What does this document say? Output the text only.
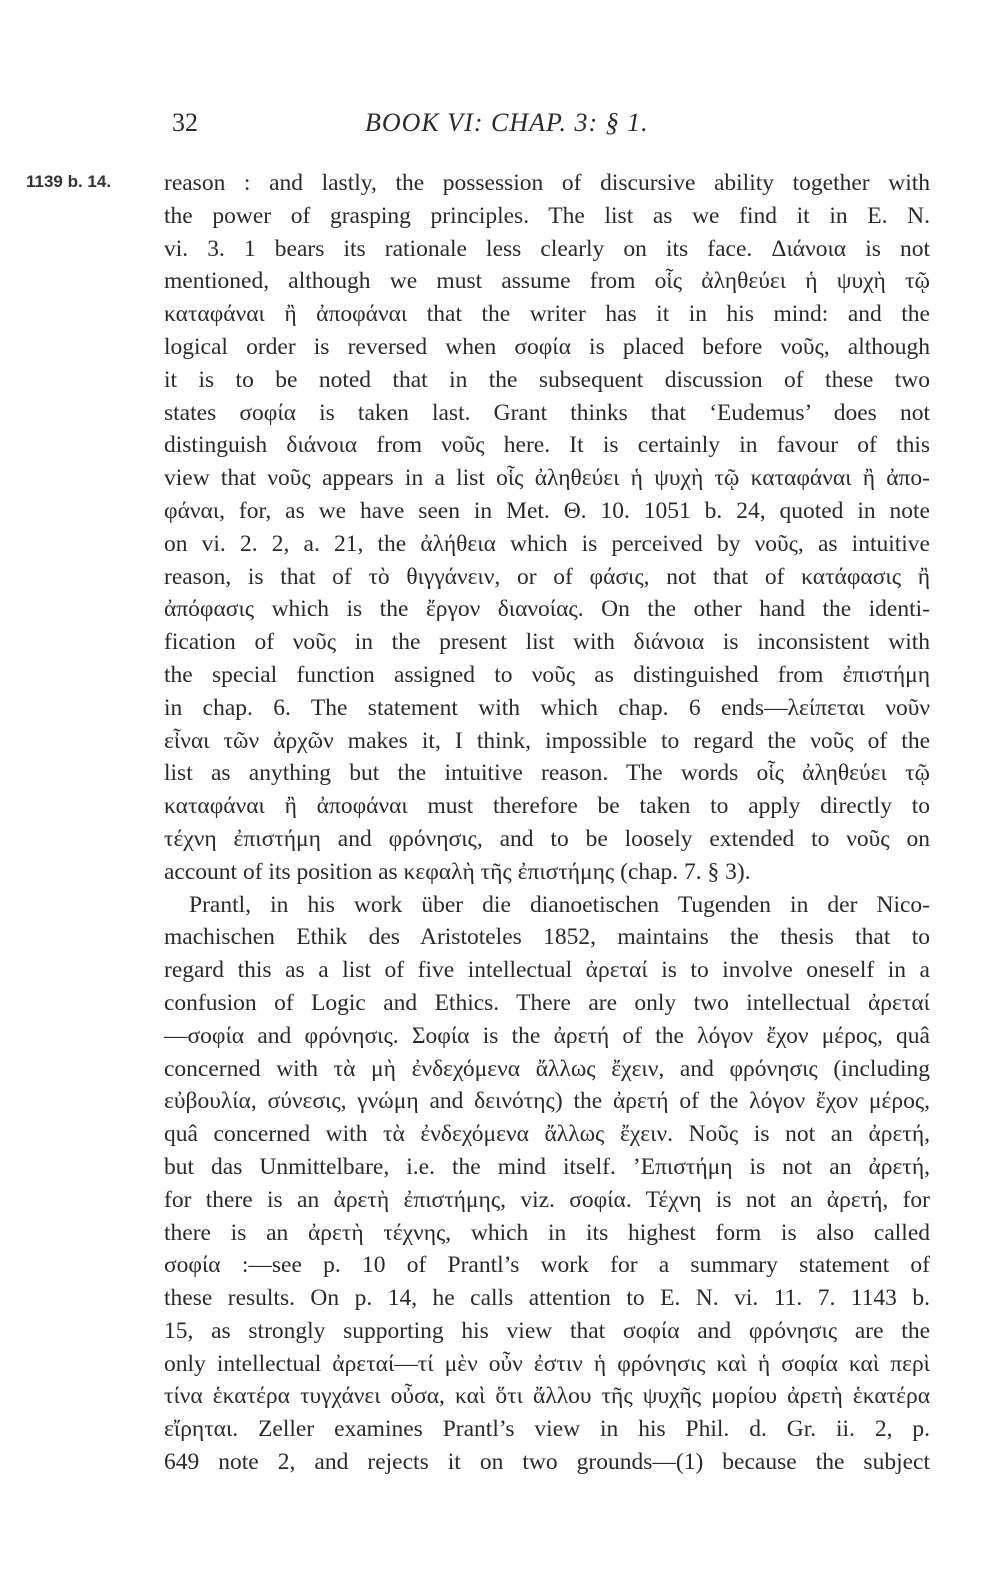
32	BOOK VI: CHAP. 3: § 1.
1139 b. 14. reason : and lastly, the possession of discursive ability together with
the power of grasping principles. The list as we find it in E. N.
vi. 3. 1 bears its rationale less clearly on its face. Διάνοια is not
mentioned, although we must assume from οἷς ἀληθεύει ἡ ψυχὴ τῷ
καταφάναι ἢ ἀποφάναι that the writer has it in his mind: and the
logical order is reversed when σοφία is placed before νοῦς, although
it is to be noted that in the subsequent discussion of these two
states σοφία is taken last. Grant thinks that ‘Eudemus’ does not
distinguish διάνοια from νοῦς here. It is certainly in favour of this
view that νοῦς appears in a list οἷς ἀληθεύει ἡ ψυχὴ τῷ καταφάναι ἢ ἀπο-
φάναι, for, as we have seen in Met. Θ. 10. 1051 b. 24, quoted in note
on vi. 2. 2, a. 21, the ἀλήθεια which is perceived by νοῦς, as intuitive
reason, is that of τὸ θιγγάνειν, or of φάσις, not that of κατάφασις ἢ
ἀπόφασις which is the ἔργον διανοίας. On the other hand the identi-
fication of νοῦς in the present list with διάνοια is inconsistent with
the special function assigned to νοῦς as distinguished from ἐπιστήμη
in chap. 6. The statement with which chap. 6 ends—λείπεται νοῦν
εἶναι τῶν ἀρχῶν makes it, I think, impossible to regard the νοῦς of the
list as anything but the intuitive reason. The words οἷς ἀληθεύει τῷ
καταφάναι ἢ ἀποφάναι must therefore be taken to apply directly to
τέχνη ἐπιστήμη and φρόνησις, and to be loosely extended to νοῦς on
account of its position as κεφαλὴ τῆς ἐπιστήμης (chap. 7. § 3).
Prantl, in his work über die dianoetischen Tugenden in der Nico-
machischen Ethik des Aristoteles 1852, maintains the thesis that to
regard this as a list of five intellectual ἀρεταί is to involve oneself in a
confusion of Logic and Ethics. There are only two intellectual ἀρεταί
—σοφία and φρόνησις. Σοφία is the ἀρετή of the λόγον ἔχον μέρος, quâ
concerned with τὰ μὴ ἐνδεχόμενα ἄλλως ἔχειν, and φρόνησις (including
εὐβουλία, σύνεσις, γνώμη and δεινότης) the ἀρετή of the λόγον ἔχον μέρος,
quâ concerned with τὰ ἐνδεχόμενα ἄλλως ἔχειν. Νοῦς is not an ἀρετή,
but das Unmittelbare, i.e. the mind itself. ’Επιστήμη is not an ἀρετή,
for there is an ἀρετὴ ἐπιστήμης, viz. σοφία. Τέχνη is not an ἀρετή, for
there is an ἀρετὴ τέχνης, which in its highest form is also called
σοφία :—see p. 10 of Prantl’s work for a summary statement of
these results. On p. 14, he calls attention to E. N. vi. 11. 7. 1143 b.
15, as strongly supporting his view that σοφία and φρόνησις are the
only intellectual ἀρεταί—τί μὲν οὖν ἐστιν ἡ φρόνησις καὶ ἡ σοφία καὶ περὶ
τίνα ἑκατέρα τυγχάνει οὖσα, καὶ ὅτι ἄλλου τῆς ψυχῆς μορίου ἀρετὴ ἑκατέρα
εἴρηται. Zeller examines Prantl’s view in his Phil. d. Gr. ii. 2, p.
649 note 2, and rejects it on two grounds—(1) because the subject
